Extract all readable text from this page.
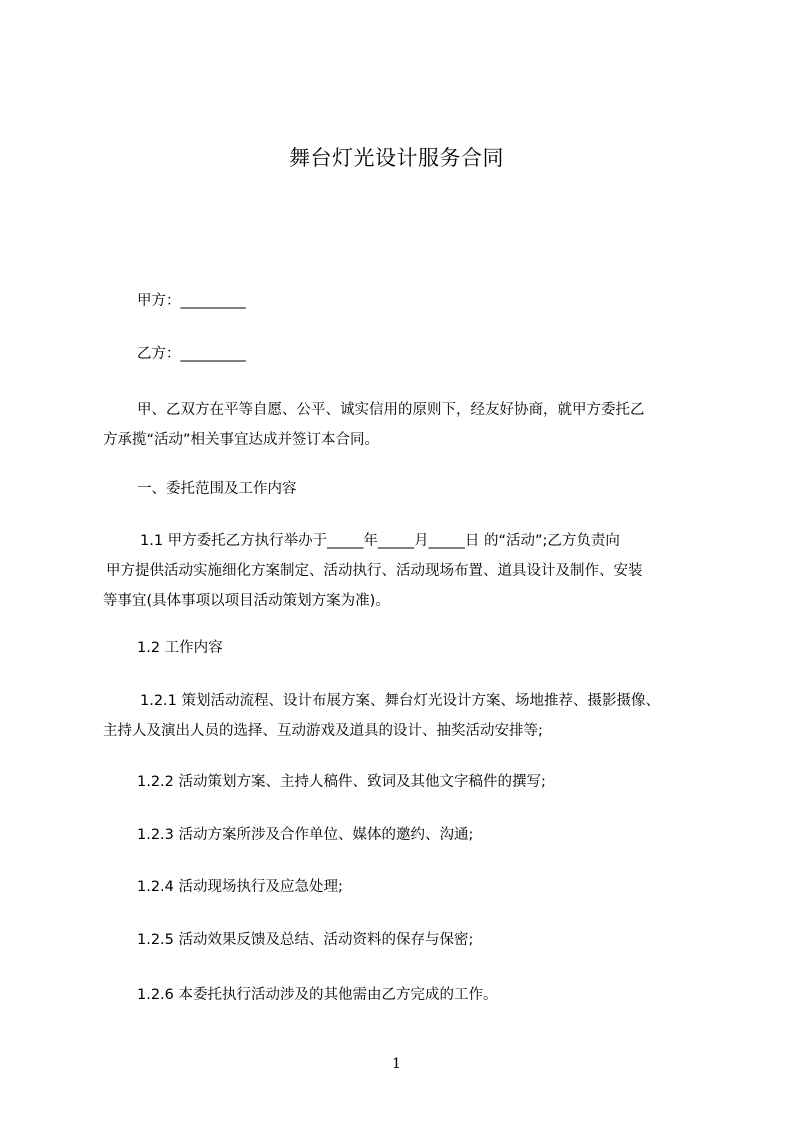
舞台灯光设计服务合同
甲方：_________
乙方：_________
甲、乙双方在平等自愿、公平、诚实信用的原则下，经友好协商，就甲方委托乙
方承揽“活动”相关事宜达成并签订本合同。
一、委托范围及工作内容
1.1 甲方委托乙方执行举办于_____年_____月_____日 的“活动”;乙方负责向
甲方提供活动实施细化方案制定、活动执行、活动现场布置、道具设计及制作、安装
等事宜(具体事项以项目活动策划方案为准)。
1.2 工作内容
1.2.1 策划活动流程、设计布展方案、舞台灯光设计方案、场地推荐、摄影摄像、
主持人及演出人员的选择、互动游戏及道具的设计、抽奖活动安排等;
1.2.2 活动策划方案、主持人稿件、致词及其他文字稿件的撰写;
1.2.3 活动方案所涉及合作单位、媒体的邀约、沟通;
1.2.4 活动现场执行及应急处理;
1.2.5 活动效果反馈及总结、活动资料的保存与保密;
1.2.6 本委托执行活动涉及的其他需由乙方完成的工作。
1
